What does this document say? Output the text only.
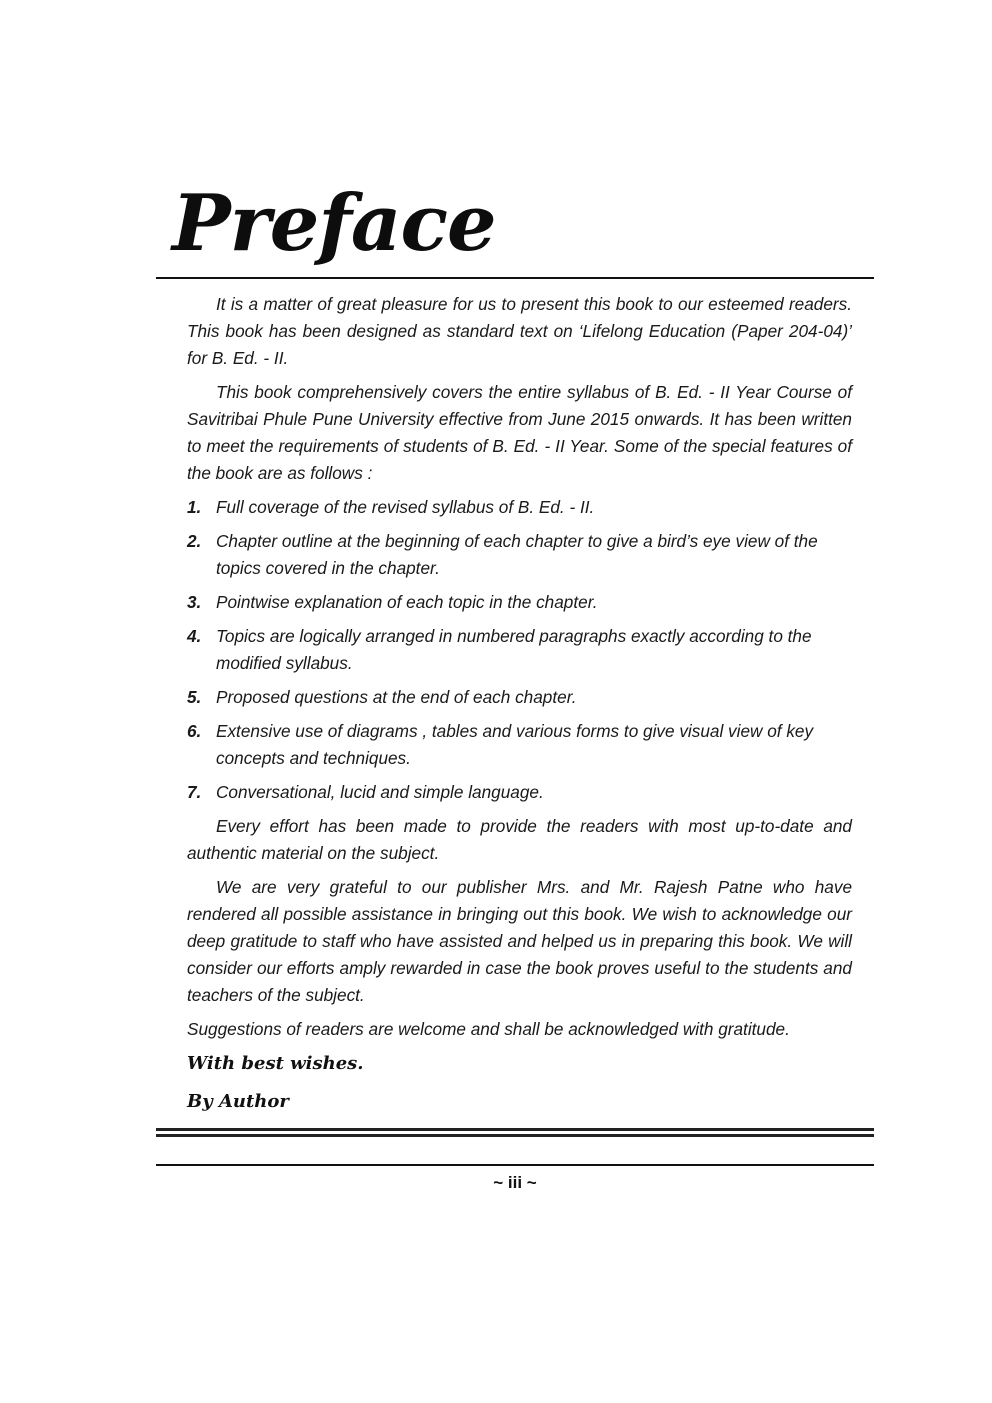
Preface

It is a matter of great pleasure for us to present this book to our esteemed readers. This book has been designed as standard text on ‘Lifelong Education (Paper 204-04)’ for B. Ed. - II.

This book comprehensively covers the entire syllabus of B. Ed. - II Year Course of Savitribai Phule Pune University effective from June 2015 onwards. It has been written to meet the requirements of students of B. Ed. - II Year. Some of the special features of the book are as follows :

1. Full coverage of the revised syllabus of B. Ed. - II.
2. Chapter outline at the beginning of each chapter to give a bird’s eye view of the topics covered in the chapter.
3. Pointwise explanation of each topic in the chapter.
4. Topics are logically arranged in numbered paragraphs exactly according to the modified syllabus.
5. Proposed questions at the end of each chapter.
6. Extensive use of diagrams , tables and various forms to give visual view of key concepts and techniques.
7. Conversational, lucid and simple language.

Every effort has been made to provide the readers with most up-to-date and authentic material on the subject.

We are very grateful to our publisher Mrs. and Mr. Rajesh Patne who have rendered all possible assistance in bringing out this book. We wish to acknowledge our deep gratitude to staff who have assisted and helped us in preparing this book. We will consider our efforts amply rewarded in case the book proves useful to the students and teachers of the subject.

Suggestions of readers are welcome and shall be acknowledged with gratitude.

With best wishes.
By Author
~ iii ~
